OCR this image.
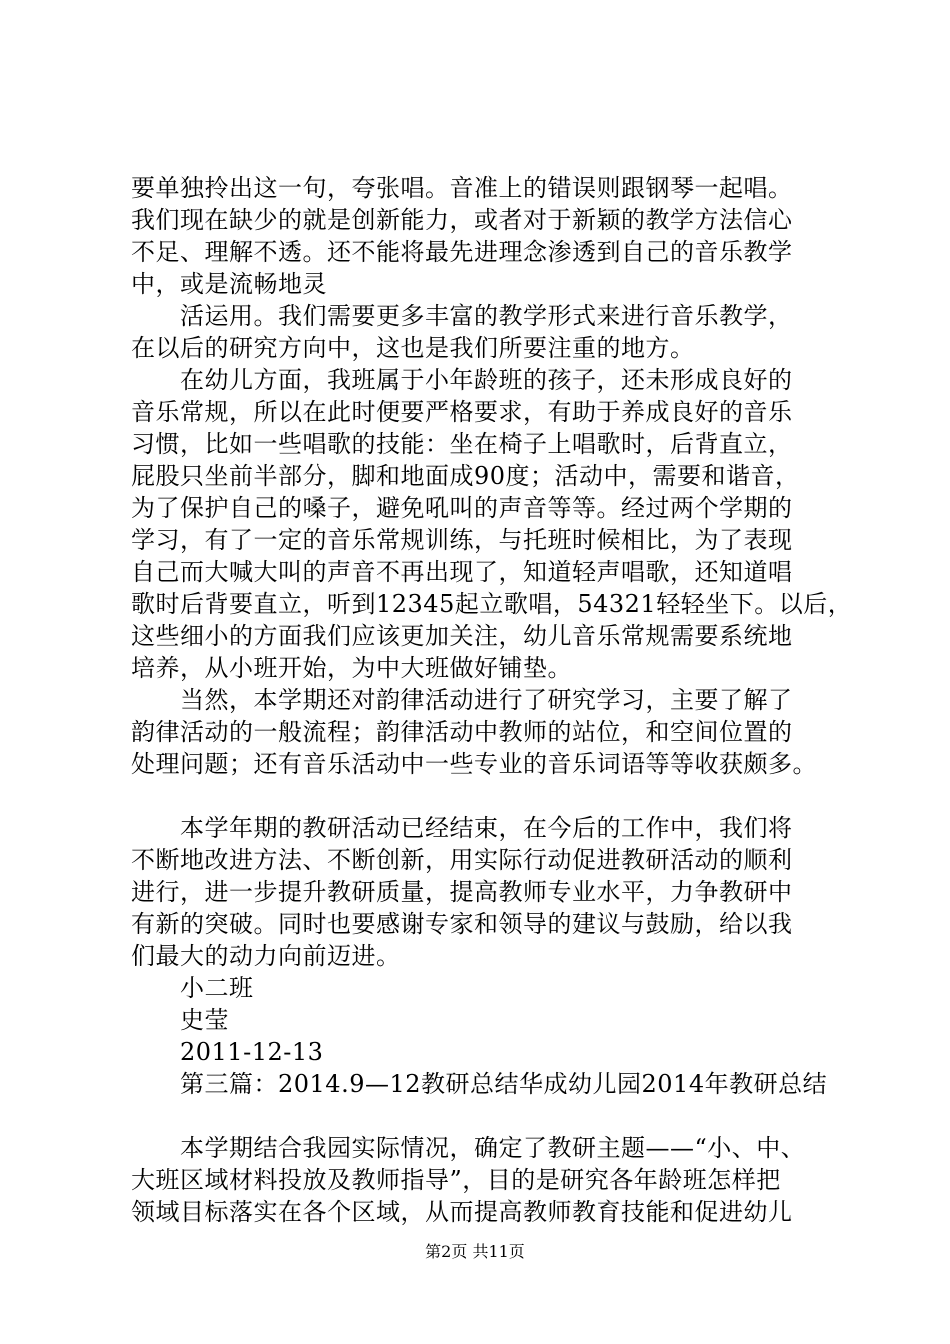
要单独拎出这一句，夸张唱。音准上的错误则跟钢琴一起唱。
我们现在缺少的就是创新能力，或者对于新颖的教学方法信心
不足、理解不透。还不能将最先进理念渗透到自己的音乐教学
中，或是流畅地灵
活运用。我们需要更多丰富的教学形式来进行音乐教学，
在以后的研究方向中，这也是我们所要注重的地方。
在幼儿方面，我班属于小年龄班的孩子，还未形成良好的
音乐常规，所以在此时便要严格要求，有助于养成良好的音乐
习惯，比如一些唱歌的技能：坐在椅子上唱歌时，后背直立，
屁股只坐前半部分，脚和地面成90度；活动中，需要和谐音，
为了保护自己的嗓子，避免吼叫的声音等等。经过两个学期的
学习，有了一定的音乐常规训练，与托班时候相比，为了表现
自己而大喊大叫的声音不再出现了，知道轻声唱歌，还知道唱
歌时后背要直立，听到12345起立歌唱，54321轻轻坐下。以后，
这些细小的方面我们应该更加关注，幼儿音乐常规需要系统地
培养，从小班开始，为中大班做好铺垫。
当然，本学期还对韵律活动进行了研究学习，主要了解了
韵律活动的一般流程；韵律活动中教师的站位，和空间位置的
处理问题；还有音乐活动中一些专业的音乐词语等等收获颇多。
本学年期的教研活动已经结束，在今后的工作中，我们将
不断地改进方法、不断创新，用实际行动促进教研活动的顺利
进行，进一步提升教研质量，提高教师专业水平，力争教研中
有新的突破。同时也要感谢专家和领导的建议与鼓励，给以我
们最大的动力向前迈进。
小二班
史莹
2011-12-13
第三篇：2014.9—12教研总结华成幼儿园2014年教研总结
本学期结合我园实际情况，确定了教研主题——“小、中、
大班区域材料投放及教师指导”，目的是研究各年龄班怎样把
领域目标落实在各个区域，从而提高教师教育技能和促进幼儿
第2页 共11页
